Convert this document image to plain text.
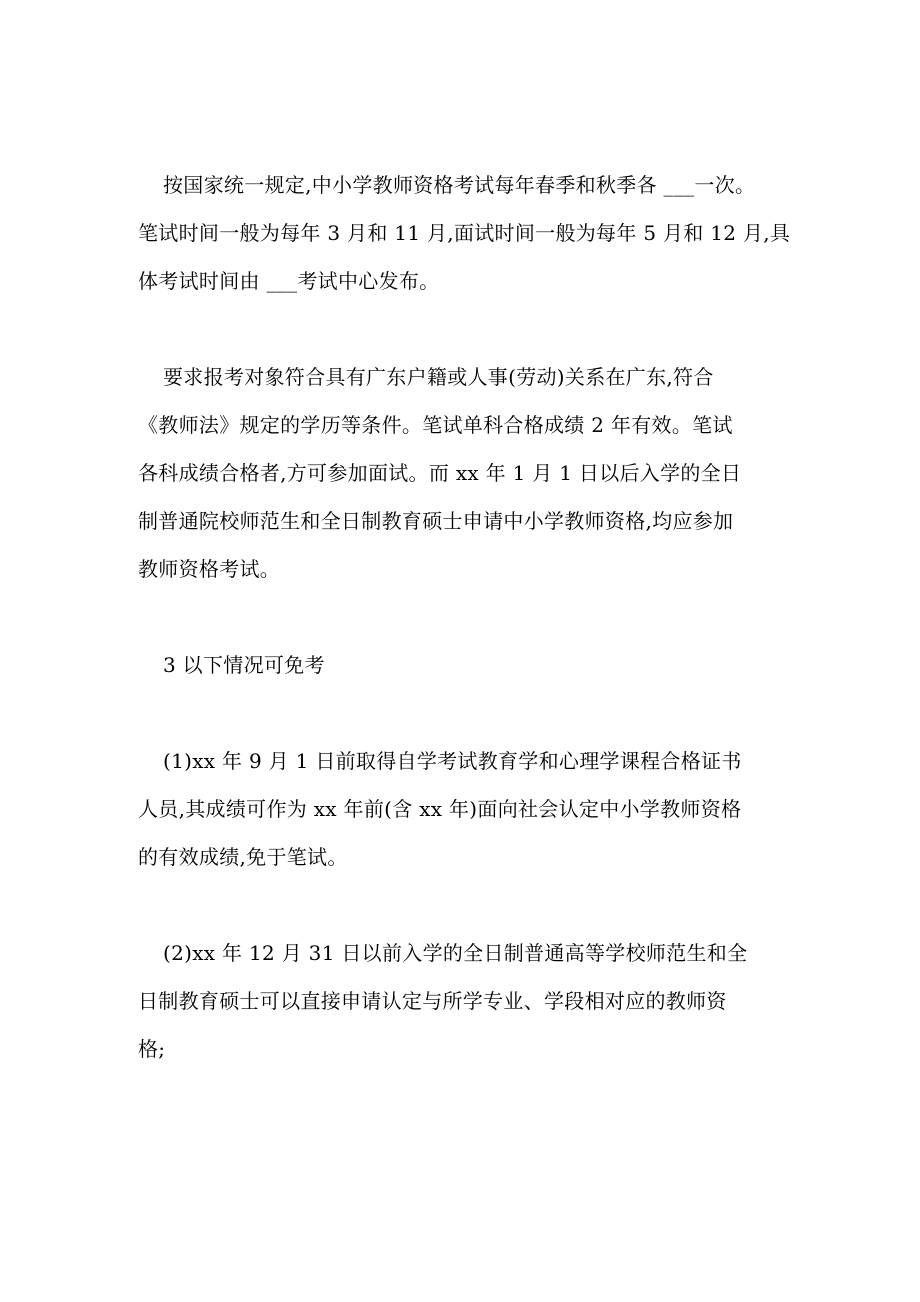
按国家统一规定,中小学教师资格考试每年春季和秋季各 ___一次。
笔试时间一般为每年 3 月和 11 月,面试时间一般为每年 5 月和 12 月,具
体考试时间由 ___考试中心发布。
要求报考对象符合具有广东户籍或人事(劳动)关系在广东,符合
《教师法》规定的学历等条件。笔试单科合格成绩 2 年有效。笔试
各科成绩合格者,方可参加面试。而 xx 年 1 月 1 日以后入学的全日
制普通院校师范生和全日制教育硕士申请中小学教师资格,均应参加
教师资格考试。
3 以下情况可免考
(1)xx 年 9 月 1 日前取得自学考试教育学和心理学课程合格证书
人员,其成绩可作为 xx 年前(含 xx 年)面向社会认定中小学教师资格
的有效成绩,免于笔试。
(2)xx 年 12 月 31 日以前入学的全日制普通高等学校师范生和全
日制教育硕士可以直接申请认定与所学专业、学段相对应的教师资
格;
